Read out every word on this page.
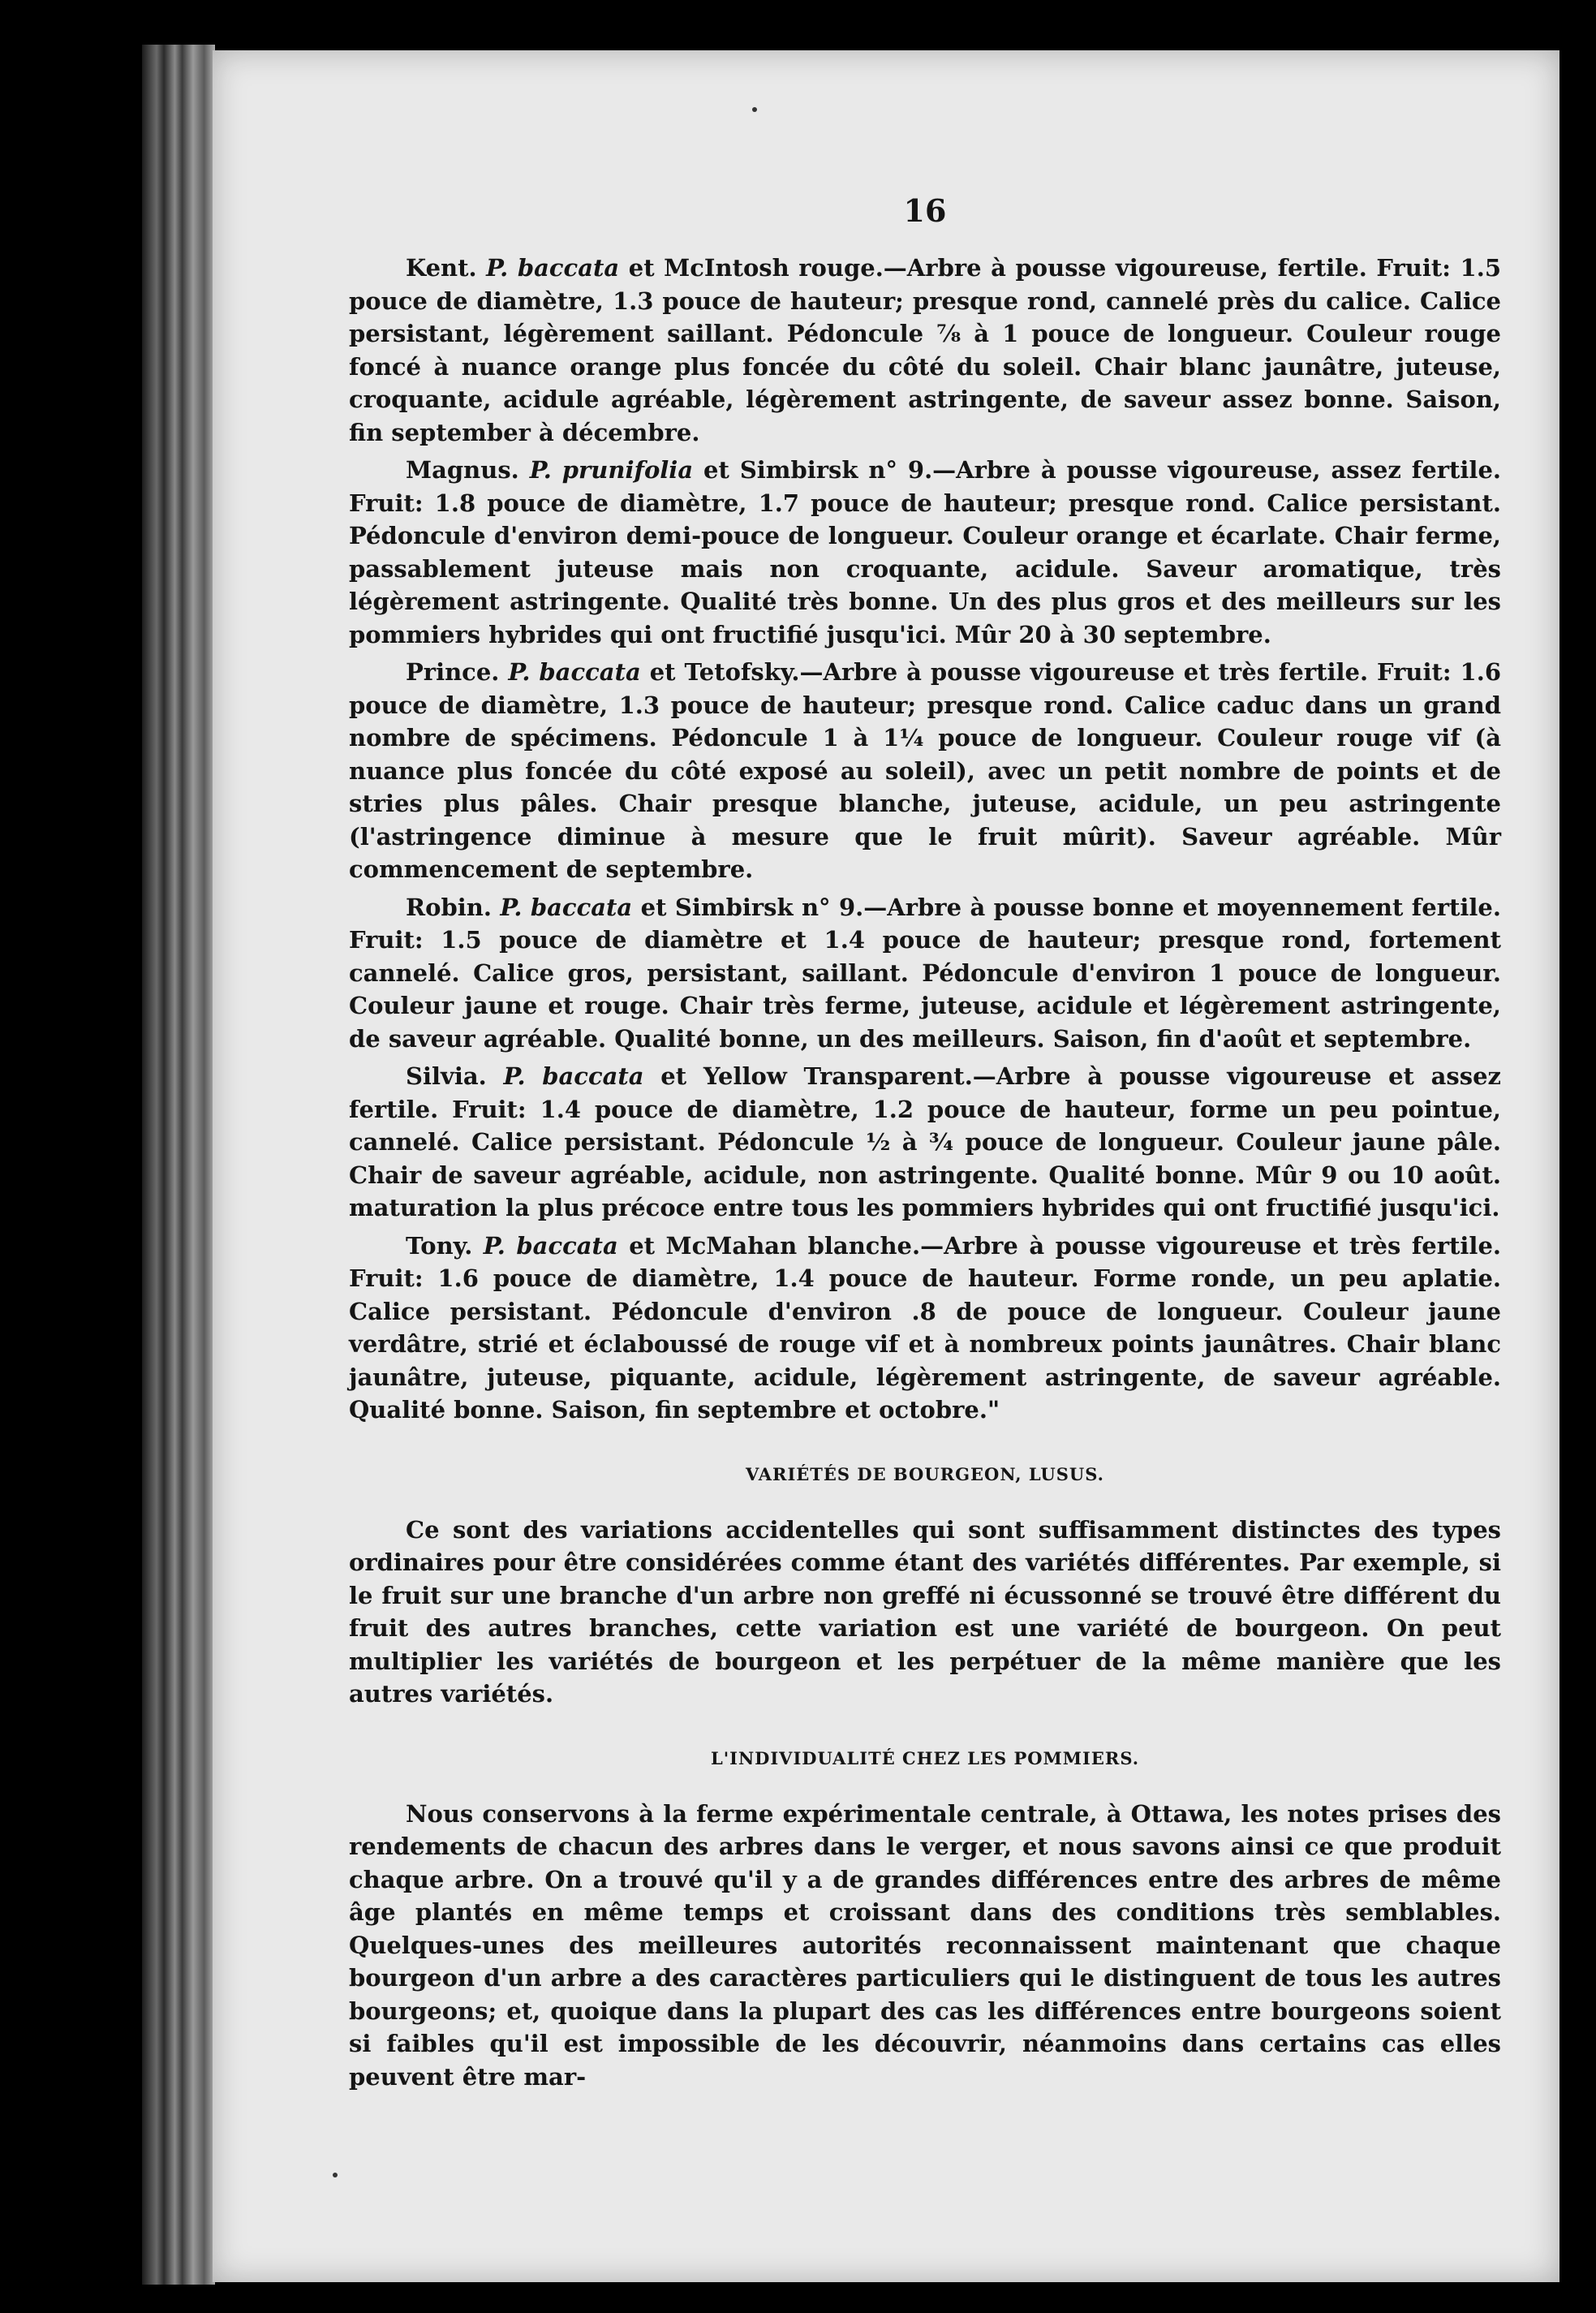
16

Kent. P. baccata et McIntosh rouge.—Arbre à pousse vigoureuse, fertile. Fruit: 1.5 pouce de diamètre, 1.3 pouce de hauteur; presque rond, cannelé près du calice. Calice persistant, légèrement saillant. Pédoncule ⅞ à 1 pouce de longueur. Couleur rouge foncé à nuance orange plus foncée du côté du soleil. Chair blanc jaunâtre, juteuse, croquante, acidule agréable, légèrement astringente, de saveur assez bonne. Saison, fin september à décembre.

Magnus. P. prunifolia et Simbirsk n° 9.—Arbre à pousse vigoureuse, assez fertile. Fruit: 1.8 pouce de diamètre, 1.7 pouce de hauteur; presque rond. Calice persistant. Pédoncule d'environ demi-pouce de longueur. Couleur orange et écarlate. Chair ferme, passablement juteuse mais non croquante, acidule. Saveur aromatique, très légèrement astringente. Qualité très bonne. Un des plus gros et des meilleurs sur les pommiers hybrides qui ont fructifié jusqu'ici. Mûr 20 à 30 septembre.

Prince. P. baccata et Tetofsky.—Arbre à pousse vigoureuse et très fertile. Fruit: 1.6 pouce de diamètre, 1.3 pouce de hauteur; presque rond. Calice caduc dans un grand nombre de spécimens. Pédoncule 1 à 1¼ pouce de longueur. Couleur rouge vif (à nuance plus foncée du côté exposé au soleil), avec un petit nombre de points et de stries plus pâles. Chair presque blanche, juteuse, acidule, un peu astringente (l'astringence diminue à mesure que le fruit mûrit). Saveur agréable. Mûr commencement de septembre.

Robin. P. baccata et Simbirsk n° 9.—Arbre à pousse bonne et moyennement fertile. Fruit: 1.5 pouce de diamètre et 1.4 pouce de hauteur; presque rond, fortement cannelé. Calice gros, persistant, saillant. Pédoncule d'environ 1 pouce de longueur. Couleur jaune et rouge. Chair très ferme, juteuse, acidule et légèrement astringente, de saveur agréable. Qualité bonne, un des meilleurs. Saison, fin d'août et septembre.

Silvia. P. baccata et Yellow Transparent.—Arbre à pousse vigoureuse et assez fertile. Fruit: 1.4 pouce de diamètre, 1.2 pouce de hauteur, forme un peu pointue, cannelé. Calice persistant. Pédoncule ½ à ¾ pouce de longueur. Couleur jaune pâle. Chair de saveur agréable, acidule, non astringente. Qualité bonne. Mûr 9 ou 10 août. maturation la plus précoce entre tous les pommiers hybrides qui ont fructifié jusqu'ici.

Tony. P. baccata et McMahan blanche.—Arbre à pousse vigoureuse et très fertile. Fruit: 1.6 pouce de diamètre, 1.4 pouce de hauteur. Forme ronde, un peu aplatie. Calice persistant. Pédoncule d'environ .8 de pouce de longueur. Couleur jaune verdâtre, strié et éclaboussé de rouge vif et à nombreux points jaunâtres. Chair blanc jaunâtre, juteuse, piquante, acidule, légèrement astringente, de saveur agréable. Qualité bonne. Saison, fin septembre et octobre."

VARIÉTÉS DE BOURGEON, LUSUS.

Ce sont des variations accidentelles qui sont suffisamment distinctes des types ordinaires pour être considérées comme étant des variétés différentes. Par exemple, si le fruit sur une branche d'un arbre non greffé ni écussonné se trouvé être différent du fruit des autres branches, cette variation est une variété de bourgeon. On peut multiplier les variétés de bourgeon et les perpétuer de la même manière que les autres variétés.

L'INDIVIDUALITÉ CHEZ LES POMMIERS.

Nous conservons à la ferme expérimentale centrale, à Ottawa, les notes prises des rendements de chacun des arbres dans le verger, et nous savons ainsi ce que produit chaque arbre. On a trouvé qu'il y a de grandes différences entre des arbres de même âge plantés en même temps et croissant dans des conditions très semblables. Quelques-unes des meilleures autorités reconnaissent maintenant que chaque bourgeon d'un arbre a des caractères particuliers qui le distinguent de tous les autres bourgeons; et, quoique dans la plupart des cas les différences entre bourgeons soient si faibles qu'il est impossible de les découvrir, néanmoins dans certains cas elles peuvent être mar-
